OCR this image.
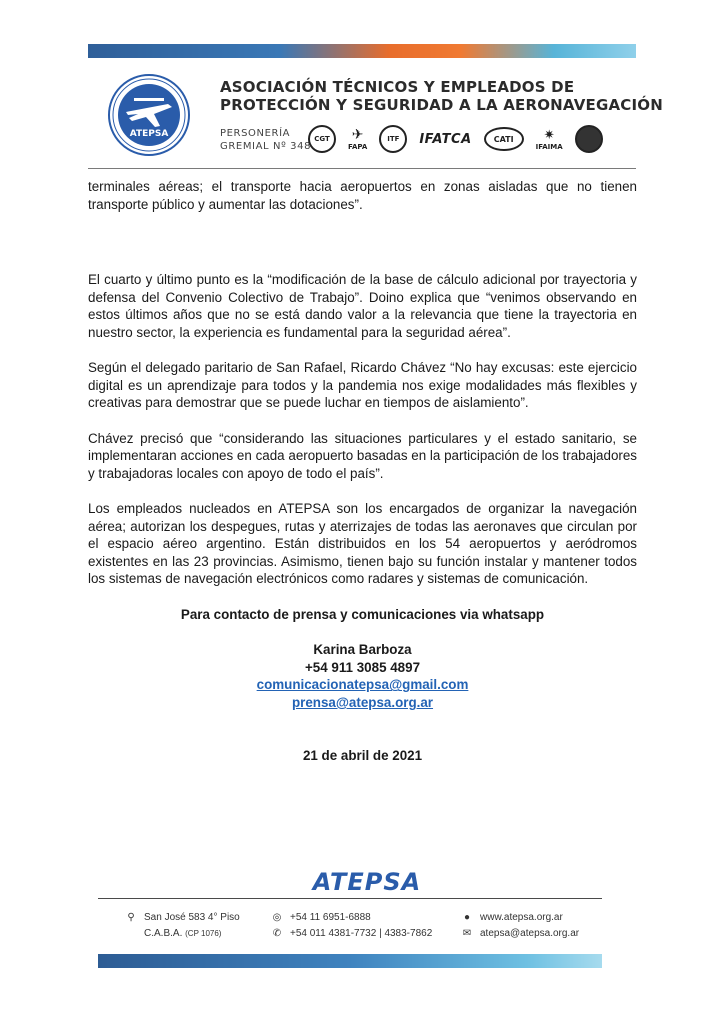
ATEPSA
ASOCIACIÓN TÉCNICOS Y EMPLEADOS DE
PROTECCIÓN Y SEGURIDAD A LA AERONAVEGACIÓN
PERSONERÍA
GREMIAL Nº 348
CGT	✈
FAPA
ITF	IFATCA	CATI	✷
IFAIMA

terminales aéreas; el transporte hacia aeropuertos en zonas aisladas que no tienen transporte público y aumentar las dotaciones”.

El cuarto y último punto es la “modificación de la base de cálculo adicional por trayectoria y defensa del Convenio Colectivo de Trabajo”. Doino explica que “venimos observando en estos últimos años que no se está dando valor a la relevancia que tiene la trayectoria en nuestro sector, la experiencia es fundamental para la seguridad aérea”.

Según el delegado paritario de San Rafael, Ricardo Chávez “No hay excusas: este ejercicio digital es un aprendizaje para todos y la pandemia nos exige modalidades más flexibles y creativas para demostrar que se puede luchar en tiempos de aislamiento”.

Chávez precisó que “considerando las situaciones particulares y el estado sanitario, se implementaran acciones en cada aeropuerto basadas en la participación de los trabajadores y trabajadoras locales con apoyo de todo el país”.

Los empleados nucleados en ATEPSA son los encargados de organizar la navegación aérea; autorizan los despegues, rutas y aterrizajes de todas las aeronaves que circulan por el espacio aéreo argentino. Están distribuidos en los 54 aeropuertos y aeródromos existentes en las 23 provincias. Asimismo, tienen bajo su función instalar y mantener todos los sistemas de navegación electrónicos como radares y sistemas de comunicación.

Para contacto de prensa y comunicaciones via whatsapp
Karina Barboza
+54 911 3085 4897
comunicacionatepsa@gmail.com
prensa@atepsa.org.ar
21 de abril de 2021
ATEPSA
⚲ San José 583 4° Piso
C.A.B.A.
(CP 1076)
◎ +54 11 6951-6888
✆ +54 011 4381-7732 | 4383-7862
● www.atepsa.org.ar
✉ atepsa@atepsa.org.ar
